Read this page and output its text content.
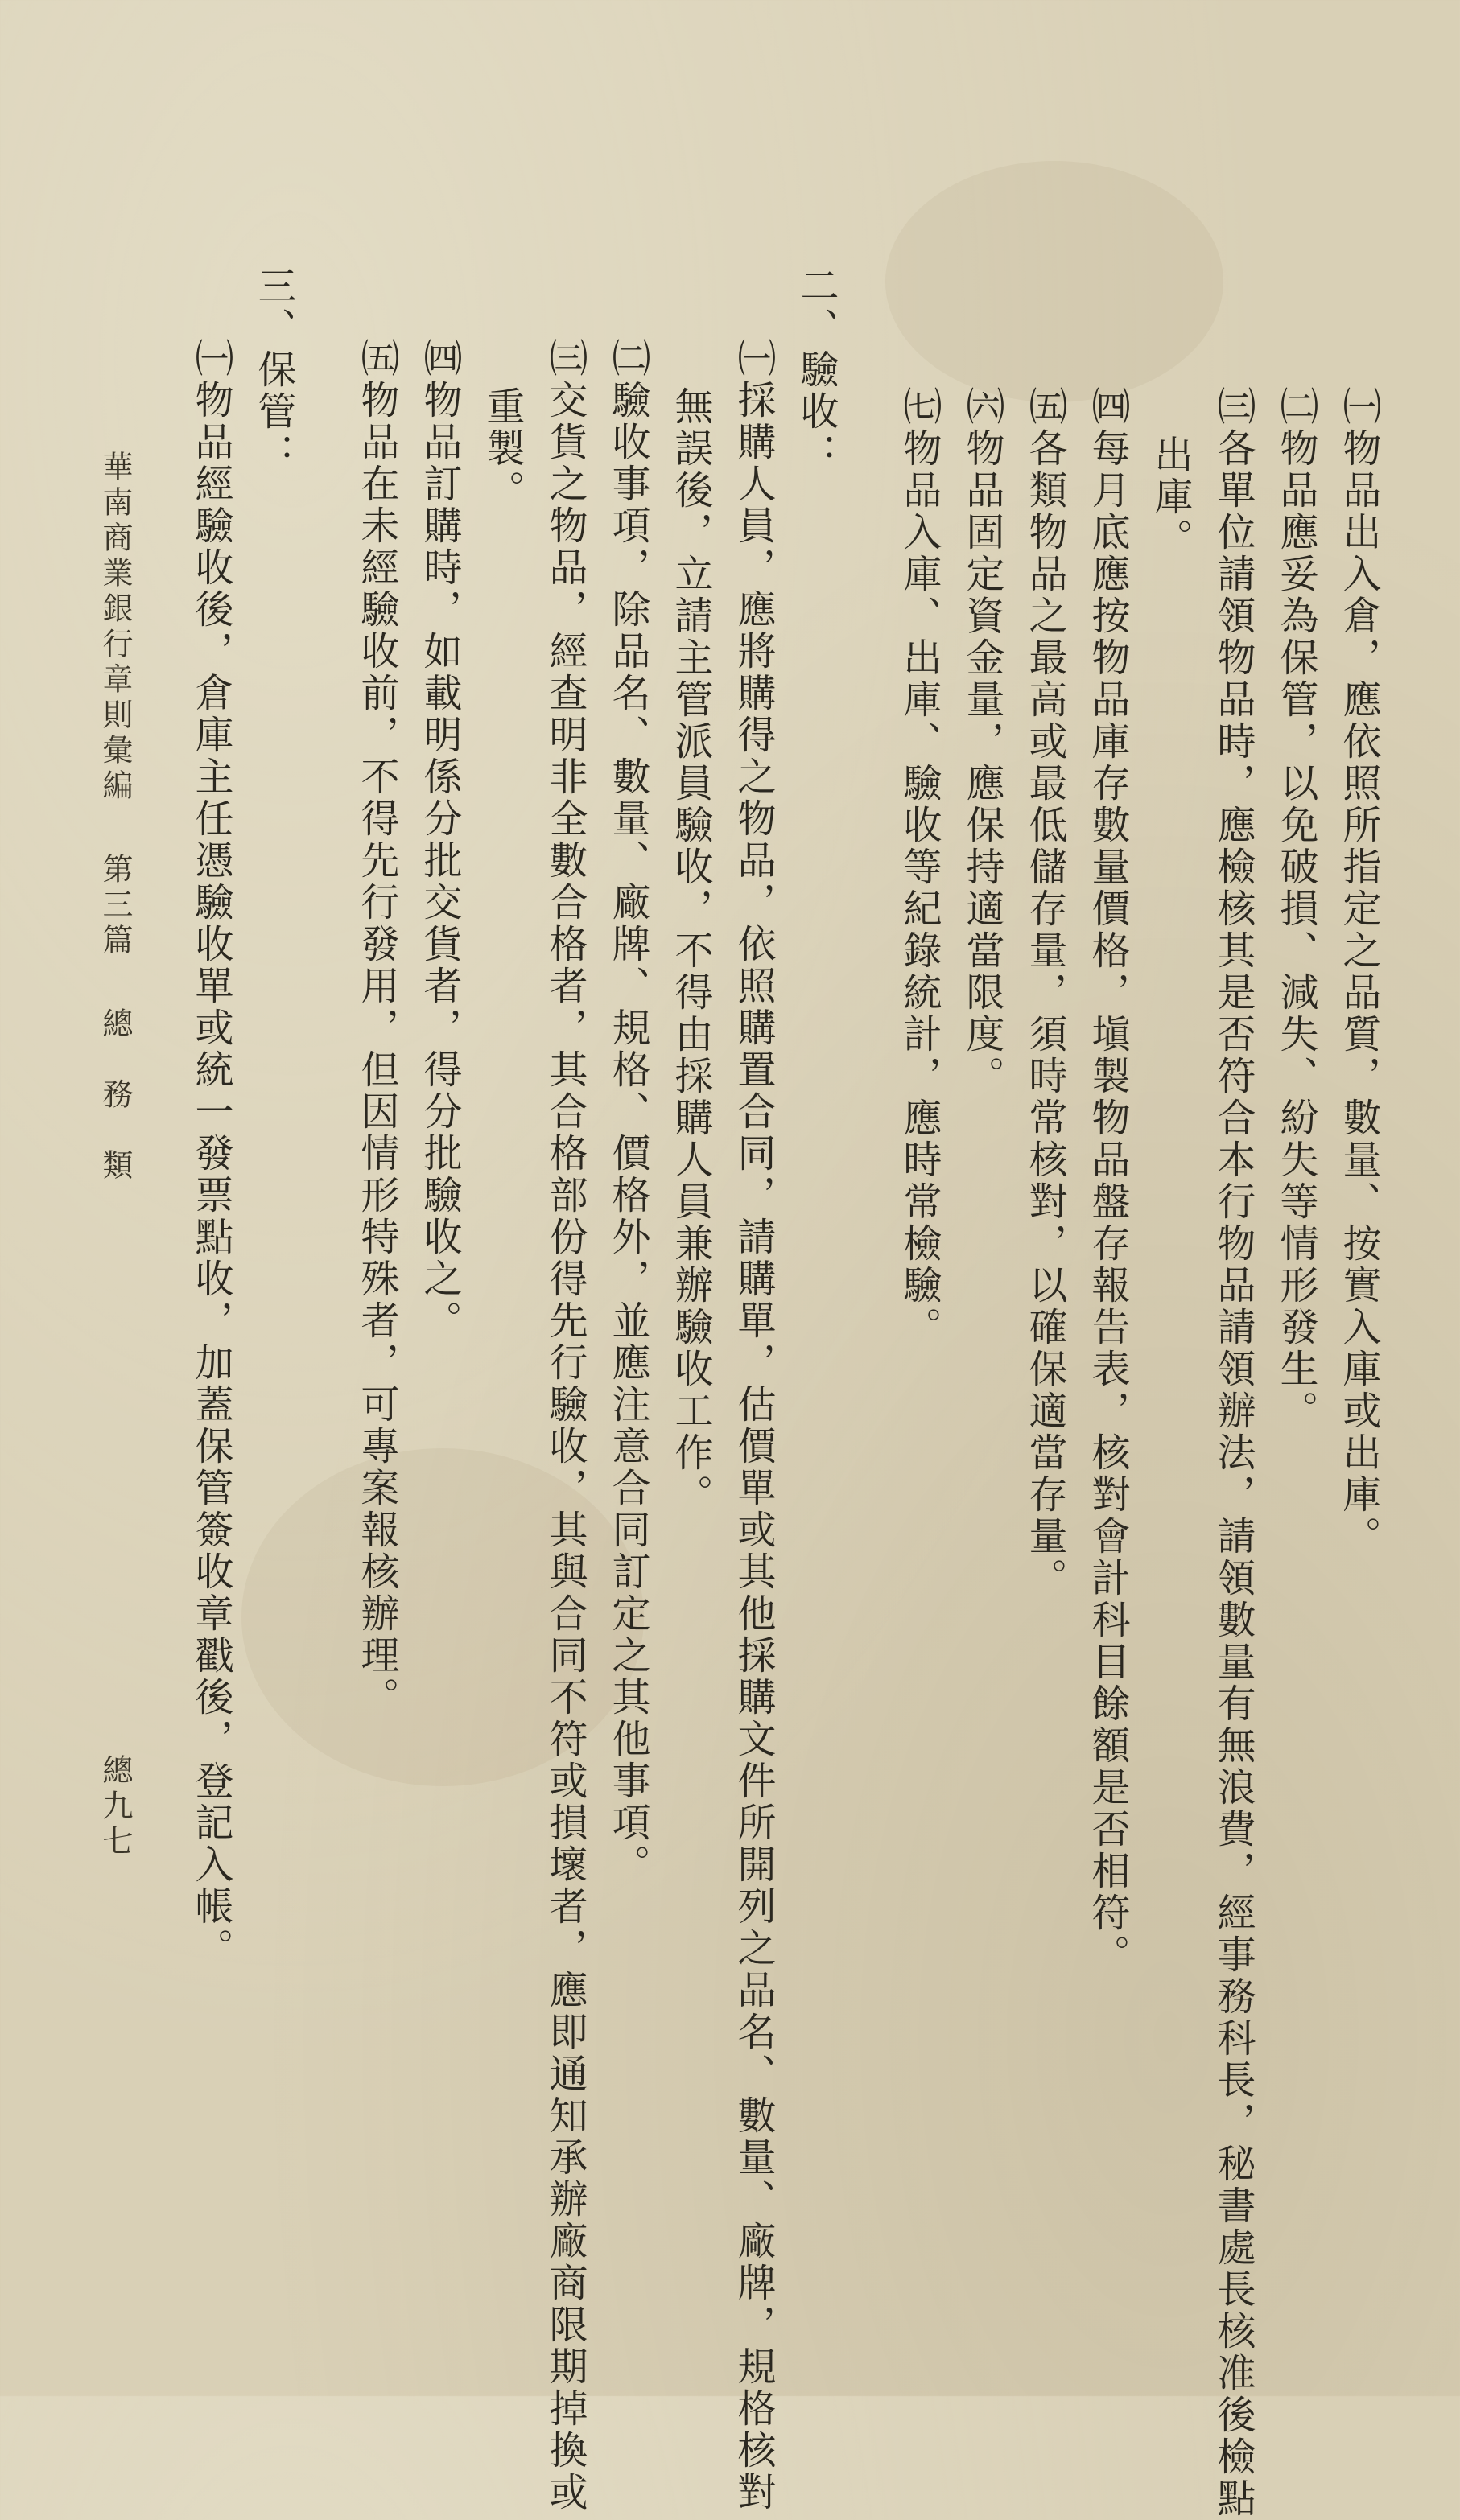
㈠物品出入倉，應依照所指定之品質，數量、按實入庫或出庫。
㈡物品應妥為保管，以免破損、減失、紛失等情形發生。
㈢各單位請領物品時，應檢核其是否符合本行物品請領辦法，請領數量有無浪費，經事務科長，秘書處長核准後檢點
出庫。
㈣每月底應按物品庫存數量價格，塡製物品盤存報告表，核對會計科目餘額是否相符。
㈤各類物品之最高或最低儲存量，須時常核對，以確保適當存量。
㈥物品固定資金量，應保持適當限度。
㈦物品入庫、出庫、驗收等紀錄統計，應時常檢驗。
二、驗收：
㈠採購人員，應將購得之物品，依照購置合同，請購單，估價單或其他採購文件所開列之品名、數量、廠牌，規格核對
無誤後，立請主管派員驗收，不得由採購人員兼辦驗收工作。
㈡驗收事項，除品名、數量、廠牌、規格、價格外，並應注意合同訂定之其他事項。
㈢交貨之物品，經查明非全數合格者，其合格部份得先行驗收，其與合同不符或損壞者，應即通知承辦廠商限期掉換或
重製。
㈣物品訂購時，如載明係分批交貨者，得分批驗收之。
㈤物品在未經驗收前，不得先行發用，但因情形特殊者，可專案報核辦理。
三、保管：
㈠物品經驗收後，倉庫主任憑驗收單或統一發票點收，加蓋保管簽收章戳後，登記入帳。
華南商業銀行章則彙編第三篇總　務　類
總九七
